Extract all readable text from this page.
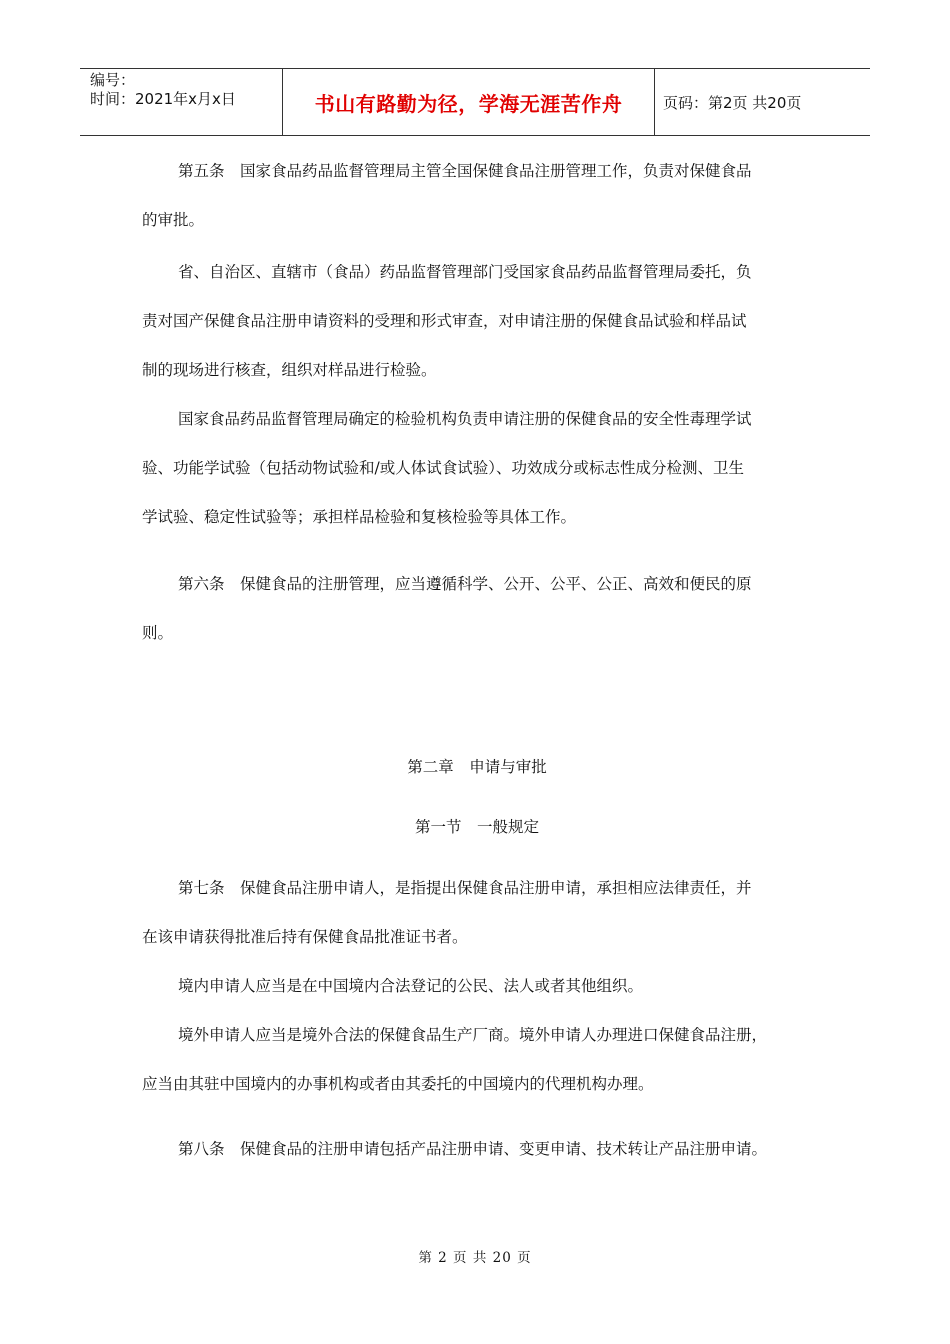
编号：
时间：2021年x月x日	书山有路勤为径，学海无涯苦作舟	页码：第2页 共20页

第五条　国家食品药品监督管理局主管全国保健食品注册管理工作，负责对保健食品

的审批。

省、自治区、直辖市（食品）药品监督管理部门受国家食品药品监督管理局委托，负

责对国产保健食品注册申请资料的受理和形式审查，对申请注册的保健食品试验和样品试

制的现场进行核查，组织对样品进行检验。

国家食品药品监督管理局确定的检验机构负责申请注册的保健食品的安全性毒理学试

验、功能学试验（包括动物试验和/或人体试食试验）、功效成分或标志性成分检测、卫生

学试验、稳定性试验等；承担样品检验和复核检验等具体工作。

第六条　保健食品的注册管理，应当遵循科学、公开、公平、公正、高效和便民的原

则。

第二章　申请与审批

第一节　一般规定

第七条　保健食品注册申请人，是指提出保健食品注册申请，承担相应法律责任，并

在该申请获得批准后持有保健食品批准证书者。

境内申请人应当是在中国境内合法登记的公民、法人或者其他组织。

境外申请人应当是境外合法的保健食品生产厂商。境外申请人办理进口保健食品注册，

应当由其驻中国境内的办事机构或者由其委托的中国境内的代理机构办理。

第八条　保健食品的注册申请包括产品注册申请、变更申请、技术转让产品注册申请。

第 2 页 共 20 页
